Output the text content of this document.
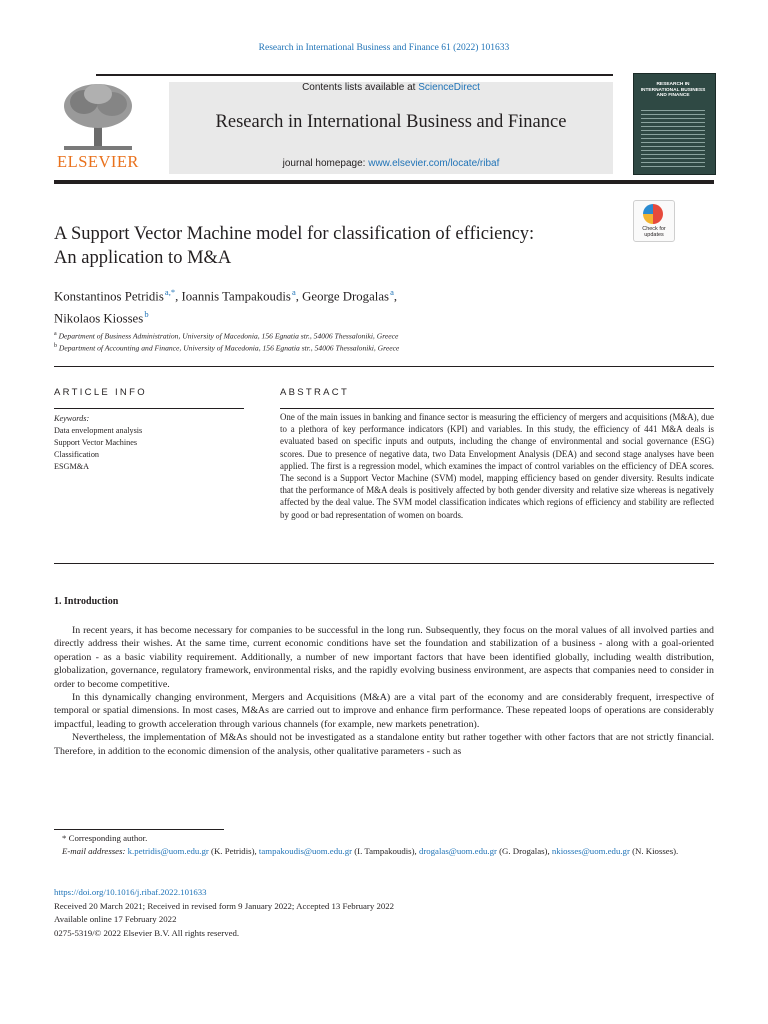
Research in International Business and Finance 61 (2022) 101633
ELSEVIER
Contents lists available at ScienceDirect
Research in International Business and Finance
journal homepage: www.elsevier.com/locate/ribaf
RESEARCH IN INTERNATIONAL BUSINESS AND FINANCE
Check for updates
A Support Vector Machine model for classification of efficiency:
An application to M&A
Konstantinos Petridis $^{a,*}$, Ioannis Tampakoudis $^a$, George Drogalas $^a$,
Nikolaos Kiosses $^b$
$^a$ Department of Business Administration, University of Macedonia, 156 Egnatia str., 54006 Thessaloniki, Greece
$^b$ Department of Accounting and Finance, University of Macedonia, 156 Egnatia str., 54006 Thessaloniki, Greece
ARTICLE INFO	ABSTRACT
Keywords:
Data envelopment analysis
Support Vector Machines
Classification
ESGM&A
One of the main issues in banking and finance sector is measuring the efficiency of mergers and acquisitions (M&A), due to a plethora of key performance indicators (KPI) and variables. In this study, the efficiency of 441 M&A deals is evaluated based on specific inputs and outputs, including the change of environmental and social governance (ESG) scores. Due to presence of negative data, two Data Envelopment Analysis (DEA) and second stage analyses have been applied. The first is a regression model, which examines the impact of control variables on the efficiency of DEA scores. The second is a Support Vector Machine (SVM) model, mapping efficiency based on gender diversity. Results indicate that the performance of M&A deals is positively affected by both gender diversity and relative size whereas is negatively affected by the deal value. The SVM model classification indicates which regions of efficiency and stability are reflected by good or bad representation of women on boards.
1. Introduction

In recent years, it has become necessary for companies to be successful in the long run. Subsequently, they focus on the moral values of all involved parties and directly address their wishes. At the same time, current economic conditions have set the foundation and stabilization of a business - along with a goal-oriented operation - as a basic viability requirement. Additionally, a number of new important factors that have been identified globally, including wealth distribution, globalization, governance, regulatory framework, environmental risks, and the rapidly evolving business environment, are aspects that companies need to consider in order to become competitive.

In this dynamically changing environment, Mergers and Acquisitions (M&A) are a vital part of the economy and are considerably frequent, irrespective of temporal or spatial dimensions. In most cases, M&As are carried out to improve and enhance firm performance. These repeated loops of operations are considerably impactful, leading to growth acceleration through various channels (for example, new markets penetration).

Nevertheless, the implementation of M&As should not be investigated as a standalone entity but rather together with other factors that are not strictly financial. Therefore, in addition to the economic dimension of the analysis, other qualitative parameters - such as

* Corresponding author.
E-mail addresses: k.petridis@uom.edu.gr (K. Petridis), tampakoudis@uom.edu.gr (I. Tampakoudis), drogalas@uom.edu.gr (G. Drogalas), nkiosses@uom.edu.gr (N. Kiosses).
https://doi.org/10.1016/j.ribaf.2022.101633
Received 20 March 2021; Received in revised form 9 January 2022; Accepted 13 February 2022
Available online 17 February 2022
0275-5319/© 2022 Elsevier B.V. All rights reserved.
